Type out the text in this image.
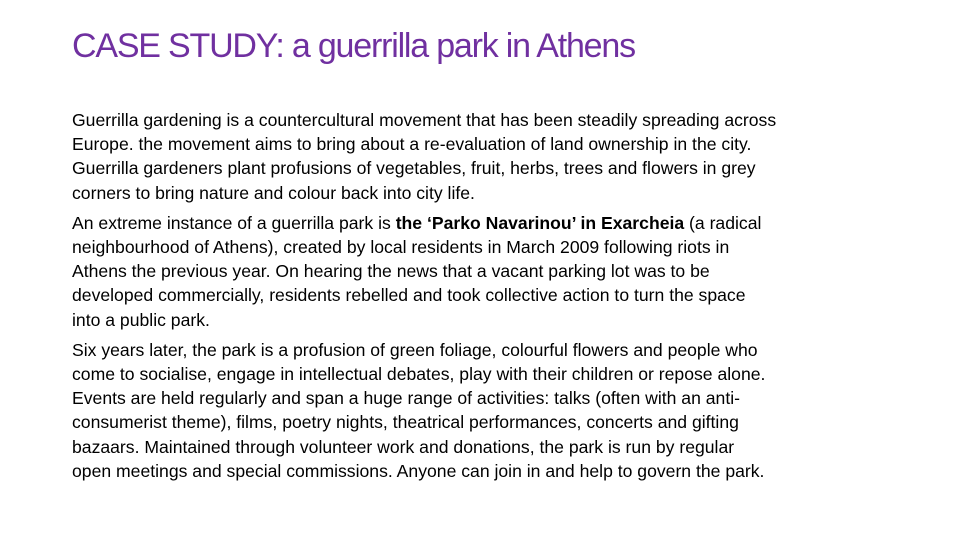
CASE STUDY: a guerrilla park in Athens

Guerrilla gardening is a countercultural movement that has been steadily spreading across
Europe. the movement aims to bring about a re-evaluation of land ownership in the city.
Guerrilla gardeners plant profusions of vegetables, fruit, herbs, trees and flowers in grey
corners to bring nature and colour back into city life.

An extreme instance of a guerrilla park is the ‘Parko Navarinou’ in Exarcheia (a radical
neighbourhood of Athens), created by local residents in March 2009 following riots in
Athens the previous year. On hearing the news that a vacant parking lot was to be
developed commercially, residents rebelled and took collective action to turn the space
into a public park.

Six years later, the park is a profusion of green foliage, colourful flowers and people who
come to socialise, engage in intellectual debates, play with their children or repose alone.
Events are held regularly and span a huge range of activities: talks (often with an anti-
consumerist theme), films, poetry nights, theatrical performances, concerts and gifting
bazaars. Maintained through volunteer work and donations, the park is run by regular
open meetings and special commissions. Anyone can join in and help to govern the park.
